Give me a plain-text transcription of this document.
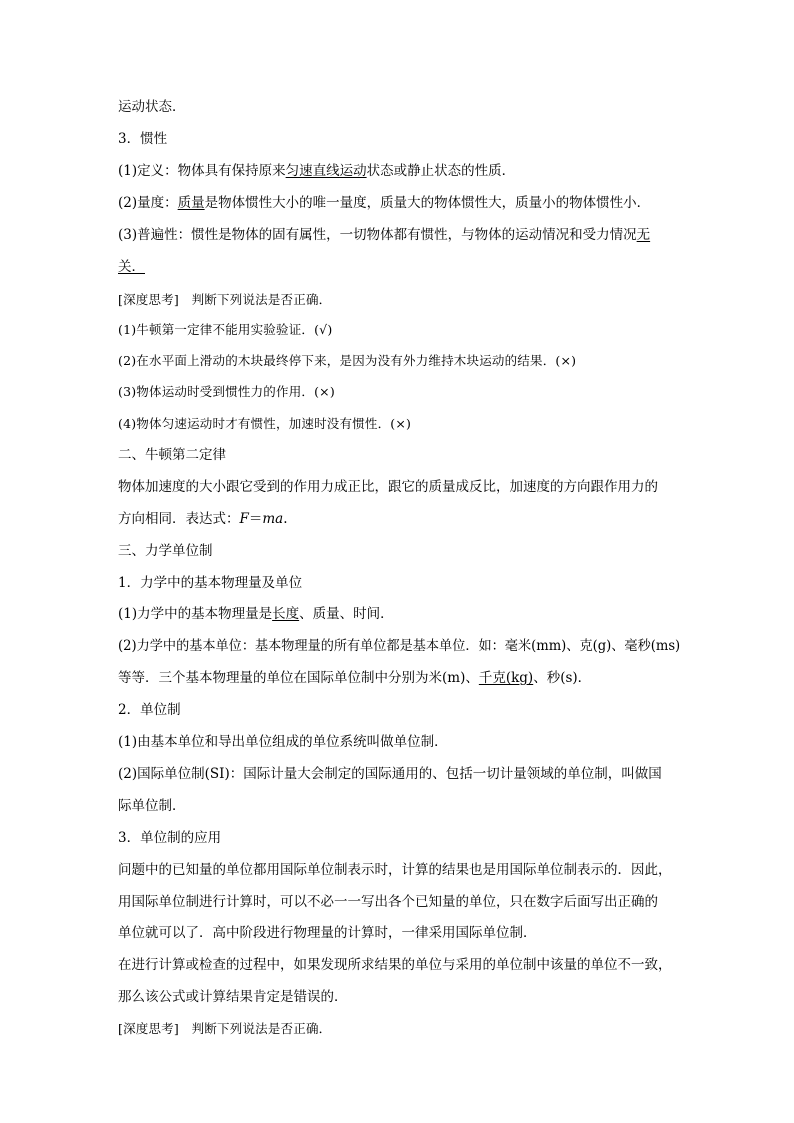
运动状态．
3．惯性
(1)定义：物体具有保持原来匀速直线运动状态或静止状态的性质．
(2)量度：质量是物体惯性大小的唯一量度，质量大的物体惯性大，质量小的物体惯性小．
(3)普遍性：惯性是物体的固有属性，一切物体都有惯性，与物体的运动情况和受力情况无
关．
[深度思考]　判断下列说法是否正确．
(1)牛顿第一定律不能用实验验证．(√)
(2)在水平面上滑动的木块最终停下来，是因为没有外力维持木块运动的结果．(×)
(3)物体运动时受到惯性力的作用．(×)
(4)物体匀速运动时才有惯性，加速时没有惯性．(×)
二、牛顿第二定律
物体加速度的大小跟它受到的作用力成正比，跟它的质量成反比，加速度的方向跟作用力的
方向相同．表达式：F＝ma.
三、力学单位制
1．力学中的基本物理量及单位
(1)力学中的基本物理量是长度、质量、时间．
(2)力学中的基本单位：基本物理量的所有单位都是基本单位．如：毫米(mm)、克(g)、毫秒(ms)
等等．三个基本物理量的单位在国际单位制中分别为米(m)、千克(kg)、秒(s)．
2．单位制
(1)由基本单位和导出单位组成的单位系统叫做单位制．
(2)国际单位制(SI)：国际计量大会制定的国际通用的、包括一切计量领域的单位制，叫做国
际单位制．
3．单位制的应用
问题中的已知量的单位都用国际单位制表示时，计算的结果也是用国际单位制表示的．因此，
用国际单位制进行计算时，可以不必一一写出各个已知量的单位，只在数字后面写出正确的
单位就可以了．高中阶段进行物理量的计算时，一律采用国际单位制．
在进行计算或检查的过程中，如果发现所求结果的单位与采用的单位制中该量的单位不一致，
那么该公式或计算结果肯定是错误的．
[深度思考]　判断下列说法是否正确．
